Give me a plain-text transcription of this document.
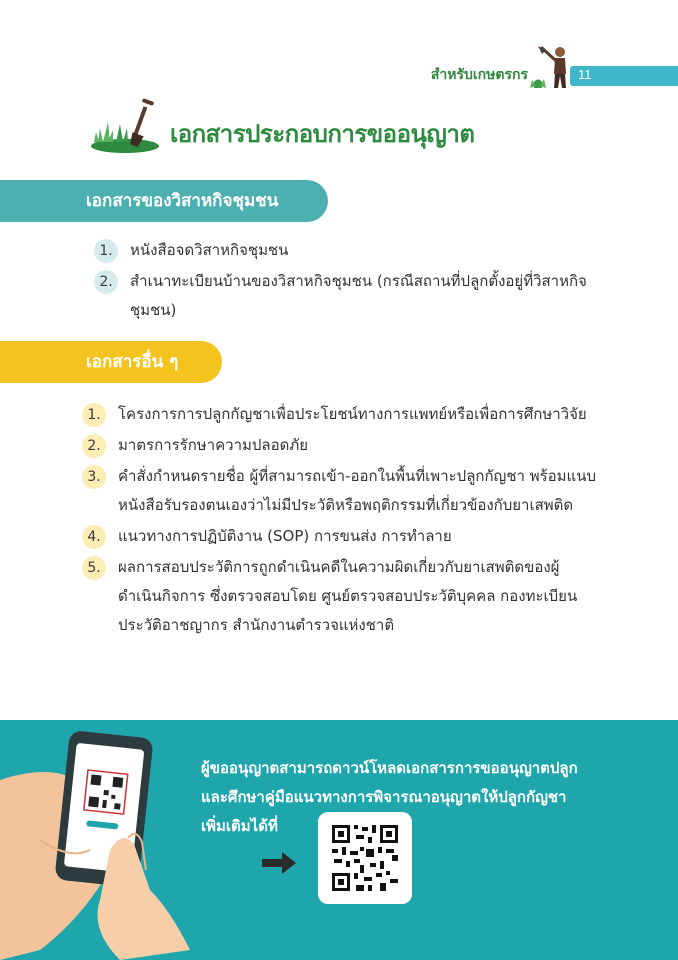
สำหรับเกษตรกร	11
เอกสารประกอบการขออนุญาต
เอกสารของวิสาหกิจชุมชน
1.	หนังสือจดวิสาหกิจชุมชน
2.	สำเนาทะเบียนบ้านของวิสาหกิจชุมชน (กรณีสถานที่ปลูกตั้งอยู่ที่วิสาหกิจชุมชน)
เอกสารอื่น ๆ
1.	โครงการการปลูกกัญชาเพื่อประโยชน์ทางการแพทย์หรือเพื่อการศึกษาวิจัย
2.	มาตรการรักษาความปลอดภัย
3.	คำสั่งกำหนดรายชื่อ ผู้ที่สามารถเข้า-ออกในพื้นที่เพาะปลูกกัญชา พร้อมแนบหนังสือรับรองตนเองว่าไม่มีประวัติหรือพฤติกรรมที่เกี่ยวข้องกับยาเสพติด
4.	แนวทางการปฏิบัติงาน (SOP) การขนส่ง การทำลาย
5.	ผลการสอบประวัติการถูกดำเนินคดีในความผิดเกี่ยวกับยาเสพติดของผู้ดำเนินกิจการ ซึ่งตรวจสอบโดย ศูนย์ตรวจสอบประวัติบุคคล กองทะเบียนประวัติอาชญากร สำนักงานตำรวจแห่งชาติ
ผู้ขออนุญาตสามารถดาวน์โหลดเอกสารการขออนุญาตปลูก
และศึกษาคู่มือแนวทางการพิจารณาอนุญาตให้ปลูกกัญชา
เพิ่มเติมได้ที่
